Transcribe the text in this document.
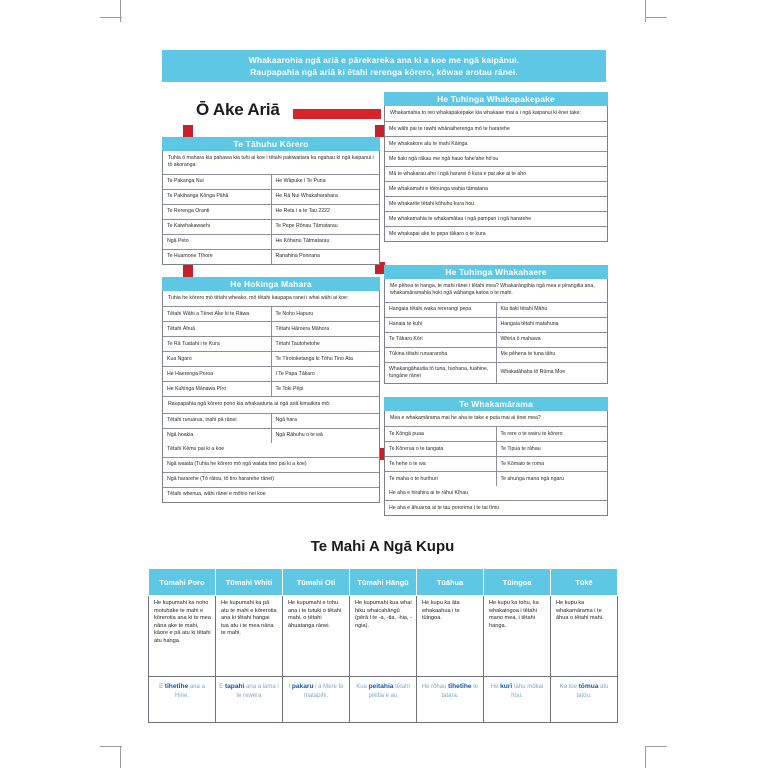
Whakaarohia ngā ariā e pārekareka ana ki a koe me ngā kaipānui.
Raupapahia ngā ariā ki ētahi rerenga kōrero, kōwae arotau rānei.
Ō Ake Ariā
Te Tāhuhu Kōrero
Tuhia ō mahara kia pahawa kia tuhi ai koe i tētahi pakiwaitara ka ngahau ki ngā kaipanui i tō akoranga:
Te Pakanga Nui	He Wāpuke i Te Puna
Te Pakihanga Kōnga Pāhā	He Rā Nui Whakaharahara
Te Rerenga Oranti	He Reta i a te Tau 2222
Te Kaiwhakawaehi	Te Pepe Rōnau Tāmatarau
Ngā Peto	He Kōhanu Tātmatarau
Te Huamone Tīhore	Ranahina Ponirana
He Hokinga Mahara
Tuhia he kōrero mō tētahi wheako, mō tētahi kaupapa ranei i whai wāhi ai koe:
Tētahi Wāhi a Tēnei Ake ki te Rāwa	Te Noho Hapuru
Tētahi Āhuā	Tētahi Hāroera Māhora
Te Rā Tuatahi i te Kura	Tētahi Tautohetohe
Kua Ngaro	Te Tīrotoketanga ki Tōhu Tino Ata
He Haerenga Poroa	I Te Papa Tākaro
He Kuhinga Mānawa Pīro	Te Toki Pēpi
Raupapahia ngā kōrero pono kia whakaaturia ai ngā ariā kimaikira mō:
Tētahi ruruarua, inahi pā rānei	Ngā hara
Ngā hoakia	Ngā Rāhuhu o te wā
Tētahi Kēmu pai ki a koe
Ngā waiata (Tuhia he kōrero mō ngā waiata tino pai ki a koe)
Ngā hararehe (Tō rātou, tō tiro hararehe rānei)
Tētahi whenua, wāhi rānei e mōhio nei koe
He Tuhinga Whakapakepake
Whakamahia to reo whakapakepake kia whakaae mai a i ngā kaipanui ki ēnei take:
Me wāhi pai te rawhi whānaiherenga mō te hararehe
Me whakakore atu te mahi Kāinga
Me tiaki ngā rākau me ngā hauo fahe'ahe hō'ou
Mā te whakarau aho i ngā hararei ō kura e pai ake ai te aho
Me whakamahi e tōtounga wahia tāmatana
Me whakarite tētahi kōhuhu kura hou
Me whakamahia te whakamātau i ngā pampan i ngā hararehe
Me whakapai ake te pepa tākaro o te kura
He Tuhinga Whakahaere
Me pēhea te hanga, te mahi rānei i tētahi mea? Whakarāngihia ngā mea e pirangitia ana, whakamāramahia hoki ngā wāhanga katoa o te mahi.
Hangaia tētahi waka rererangi pepa	Kia tiaki tētahi Māhu
Hanaia te kuhi	Hangaia tētahi matahuna
Te Tākaro Kōri	Whiria ō mahawa
Tūkina tētahi ruruararoha	Me pēhena te tuna tāhu
Whakangāhautia tō tuna, tuohana, tuahine, tungāne rānei	Whakatāhaha tō Rūma Moe
Te Whakamārama
Mea e whakamārama mai he aha te take e puta mai ai ēnei mea?
Te Kōngā puaa	Te rere o te wairu te kōrero
Te Kōrerua o te tangata	Te Tipua te rāhau
Te hehe o te wa	Te Kōmaio te roma
Te maha o te hurihuri	Te ahunga mana ngā ngaru
He aha e hirahira ai te rāhui Kīhau
He aha e āhuaroa ai te tau pororima i te tai tīmu
Te Mahi A Ngā Kupu
Tūmahi Poro	Tūmahi Whiti	Tūmahi Oti	Tūmahi Hāngū	Tūāhua	Tūingoa	Tūkē
He kupumahi ka noho motuhake te mahi e kōrerotia ana ki te mea nāna ake te mahi, kāore e pā atu ki tētahi atu hanga.	He kupumahi ka pā atu te mahi e kōrerotia ana ki tētahi hangai tua atu i te mea nāna te mahi.	He kupumahi e tohu ana i te tutuki o tētahi mahi, o tētahi āhuatanga rānei.	He kupumahi kua whai hiku whaicahāngū (pērā i te -a, -tia, -hia, -ngia).	He kupu ka āta whakaahua i te tūingoa.	He kupu ka tohu, ka whakaingoa i tētahi mano mea, i tētahi hanga.	He kupu ka whakamārama i te āhua o tētahi mahi.
E tīhetīhe ana a Hine.	E tapahi ana a lama i te rewera	I pakaru i a Mere te matapihi.	Kua peitahia tētahi pikitia e au	He rōhau tīhetīhe te tatara.	He kurī tāhu mōkai hou.	Ka toe tōmua atu tatou.
